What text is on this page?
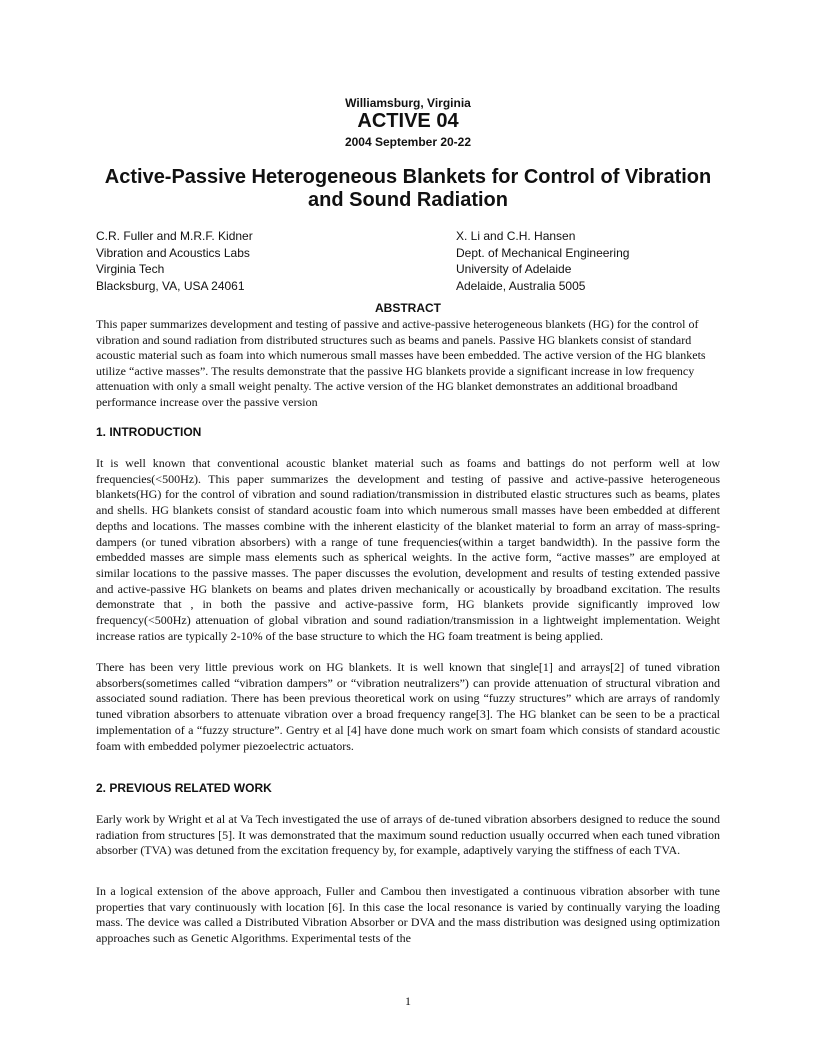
Williamsburg, Virginia
ACTIVE 04
2004 September 20-22
Active-Passive Heterogeneous Blankets for Control of Vibration and Sound Radiation
C.R. Fuller and M.R.F. Kidner
Vibration and Acoustics Labs
Virginia Tech
Blacksburg, VA, USA 24061
X. Li and C.H. Hansen
Dept. of Mechanical Engineering
University of Adelaide
Adelaide, Australia 5005
ABSTRACT

This paper summarizes development and testing of passive and active-passive heterogeneous blankets (HG) for the control of vibration and sound radiation from distributed structures such as beams and panels. Passive HG blankets consist of standard acoustic material such as foam into which numerous small masses have been embedded. The active version of the HG blankets utilize “active masses”. The results demonstrate that the passive HG blankets provide a significant increase in low frequency attenuation with only a small weight penalty. The active version of the HG blanket demonstrates an additional broadband performance increase over the passive version

1. INTRODUCTION

It is well known that conventional acoustic blanket material such as foams and battings do not perform well at low frequencies(<500Hz). This paper summarizes the development and testing of passive and active-passive heterogeneous blankets(HG) for the control of vibration and sound radiation/transmission in distributed elastic structures such as beams, plates and shells. HG blankets consist of standard acoustic foam into which numerous small masses have been embedded at different depths and locations. The masses combine with the inherent elasticity of the blanket material to form an array of mass-spring-dampers (or tuned vibration absorbers) with a range of tune frequencies(within a target bandwidth). In the passive form the embedded masses are simple mass elements such as spherical weights. In the active form, “active masses” are employed at similar locations to the passive masses. The paper discusses the evolution, development and results of testing extended passive and active-passive HG blankets on beams and plates driven mechanically or acoustically by broadband excitation. The results demonstrate that , in both the passive and active-passive form, HG blankets provide significantly improved low frequency(<500Hz) attenuation of global vibration and sound radiation/transmission in a lightweight implementation. Weight increase ratios are typically 2-10% of the base structure to which the HG foam treatment is being applied.

There has been very little previous work on HG blankets. It is well known that single[1] and arrays[2] of tuned vibration absorbers(sometimes called “vibration dampers” or “vibration neutralizers”) can provide attenuation of structural vibration and associated sound radiation. There has been previous theoretical work on using “fuzzy structures” which are arrays of randomly tuned vibration absorbers to attenuate vibration over a broad frequency range[3]. The HG blanket can be seen to be a practical implementation of a “fuzzy structure”. Gentry et al [4] have done much work on smart foam which consists of standard acoustic foam with embedded polymer piezoelectric actuators.

2. PREVIOUS RELATED WORK

Early work by Wright et al at Va Tech investigated the use of arrays of de-tuned vibration absorbers designed to reduce the sound radiation from structures [5]. It was demonstrated that the maximum sound reduction usually occurred when each tuned vibration absorber (TVA) was detuned from the excitation frequency by, for example, adaptively varying the stiffness of each TVA.

In a logical extension of the above approach, Fuller and Cambou then investigated a continuous vibration absorber with tune properties that vary continuously with location [6]. In this case the local resonance is varied by continually varying the loading mass. The device was called a Distributed Vibration Absorber or DVA and the mass distribution was designed using optimization approaches such as Genetic Algorithms. Experimental tests of the

1
